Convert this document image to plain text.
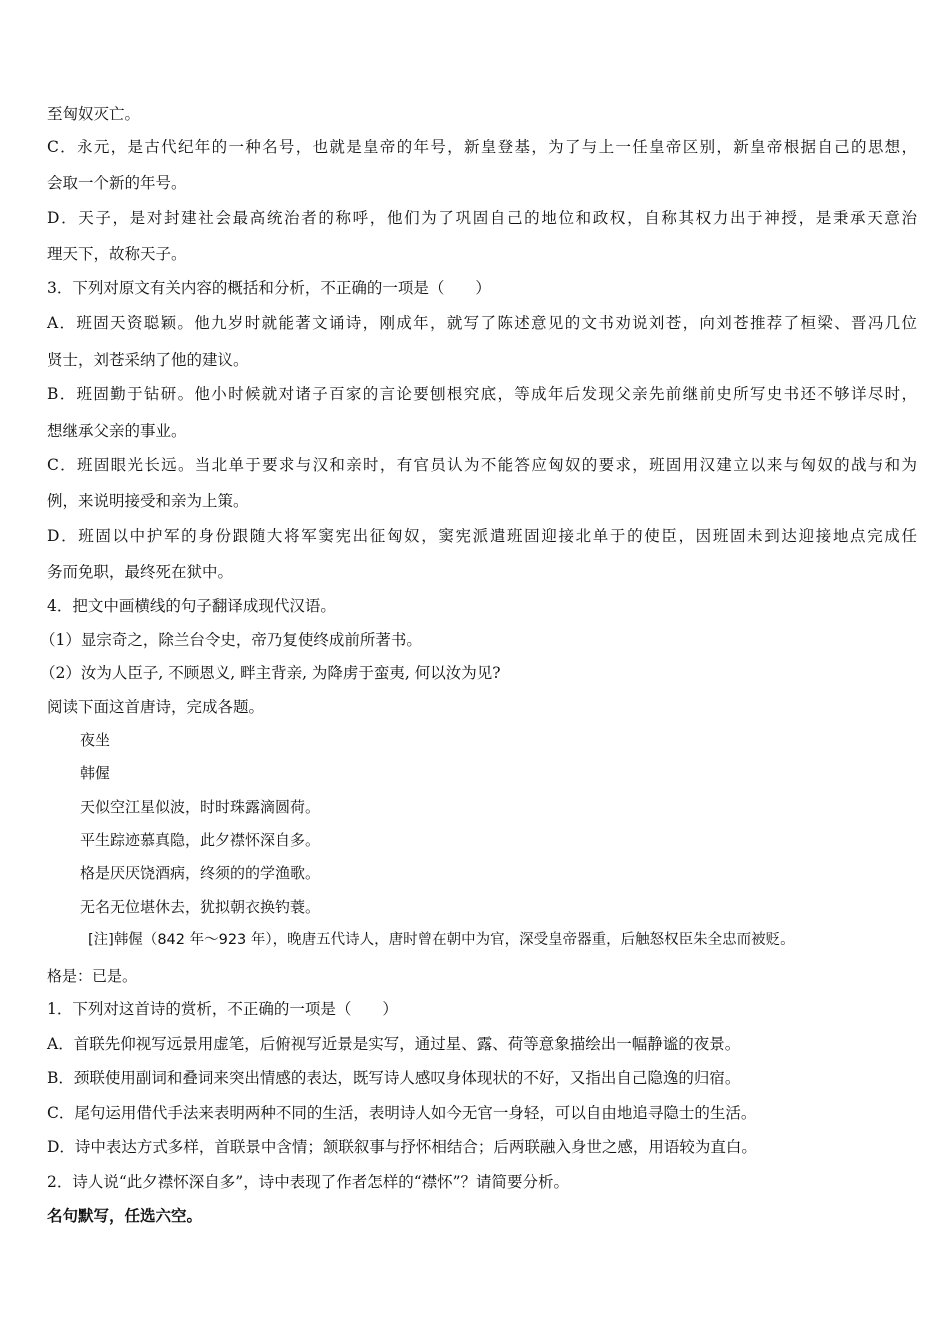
至匈奴灭亡。
C．永元，是古代纪年的一种名号，也就是皇帝的年号，新皇登基，为了与上一任皇帝区别，新皇帝根据自己的思想，
会取一个新的年号。
D．天子，是对封建社会最高统治者的称呼，他们为了巩固自己的地位和政权，自称其权力出于神授，是秉承天意治
理天下，故称天子。
3．下列对原文有关内容的概括和分析，不正确的一项是（　　）
A．班固天资聪颖。他九岁时就能著文诵诗，刚成年，就写了陈述意见的文书劝说刘苍，向刘苍推荐了桓梁、晋冯几位
贤士，刘苍采纳了他的建议。
B．班固勤于钻研。他小时候就对诸子百家的言论要刨根究底，等成年后发现父亲先前继前史所写史书还不够详尽时，
想继承父亲的事业。
C．班固眼光长远。当北单于要求与汉和亲时，有官员认为不能答应匈奴的要求，班固用汉建立以来与匈奴的战与和为
例，来说明接受和亲为上策。
D．班固以中护军的身份跟随大将军窦宪出征匈奴，窦宪派遣班固迎接北单于的使臣，因班固未到达迎接地点完成任
务而免职，最终死在狱中。
4．把文中画横线的句子翻译成现代汉语。
（1）显宗奇之，除兰台令史，帝乃复使终成前所著书。
（2）汝为人臣子, 不顾恩义, 畔主背亲, 为降虏于蛮夷, 何以汝为见?
阅读下面这首唐诗，完成各题。
夜坐
韩偓
天似空江星似波，时时珠露滴圆荷。
平生踪迹慕真隐，此夕襟怀深自多。
格是厌厌饶酒病，终须的的学渔歌。
无名无位堪休去，犹拟朝衣换钓蓑。
[注]韩偓（842 年～923 年），晚唐五代诗人，唐时曾在朝中为官，深受皇帝器重，后触怒权臣朱全忠而被贬。
格是：已是。
1．下列对这首诗的赏析，不正确的一项是（　　）
A．首联先仰视写远景用虚笔，后俯视写近景是实写，通过星、露、荷等意象描绘出一幅静谧的夜景。
B．颈联使用副词和叠词来突出情感的表达，既写诗人感叹身体现状的不好，又指出自己隐逸的归宿。
C．尾句运用借代手法来表明两种不同的生活，表明诗人如今无官一身轻，可以自由地追寻隐士的生活。
D．诗中表达方式多样，首联景中含情；颔联叙事与抒怀相结合；后两联融入身世之感，用语较为直白。
2．诗人说“此夕襟怀深自多”，诗中表现了作者怎样的“襟怀”？请简要分析。
名句默写，任选六空。
